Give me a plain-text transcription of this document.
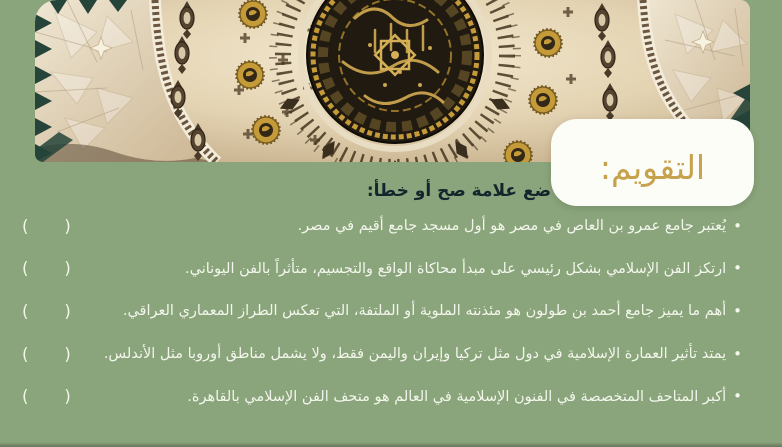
التقويم:
ضع علامة صح أو خطأ:
•
يُعتبر جامع عمرو بن العاص في مصر هو أول مسجد جامع أقيم في مصر.
(  )
•
ارتكز الفن الإسلامي بشكل رئيسي على مبدأ محاكاة الواقع والتجسيم، متأثراً بالفن اليوناني.
(  )
•
أهم ما يميز جامع أحمد بن طولون هو مئذنته الملوية أو الملتفة، التي تعكس الطراز المعماري العراقي.
(  )
•
يمتد تأثير العمارة الإسلامية في دول مثل تركيا وإيران واليمن فقط، ولا يشمل مناطق أوروبا مثل الأندلس.
(  )
•
أكبر المتاحف المتخصصة في الفنون الإسلامية في العالم هو متحف الفن الإسلامي بالقاهرة.
(  )
